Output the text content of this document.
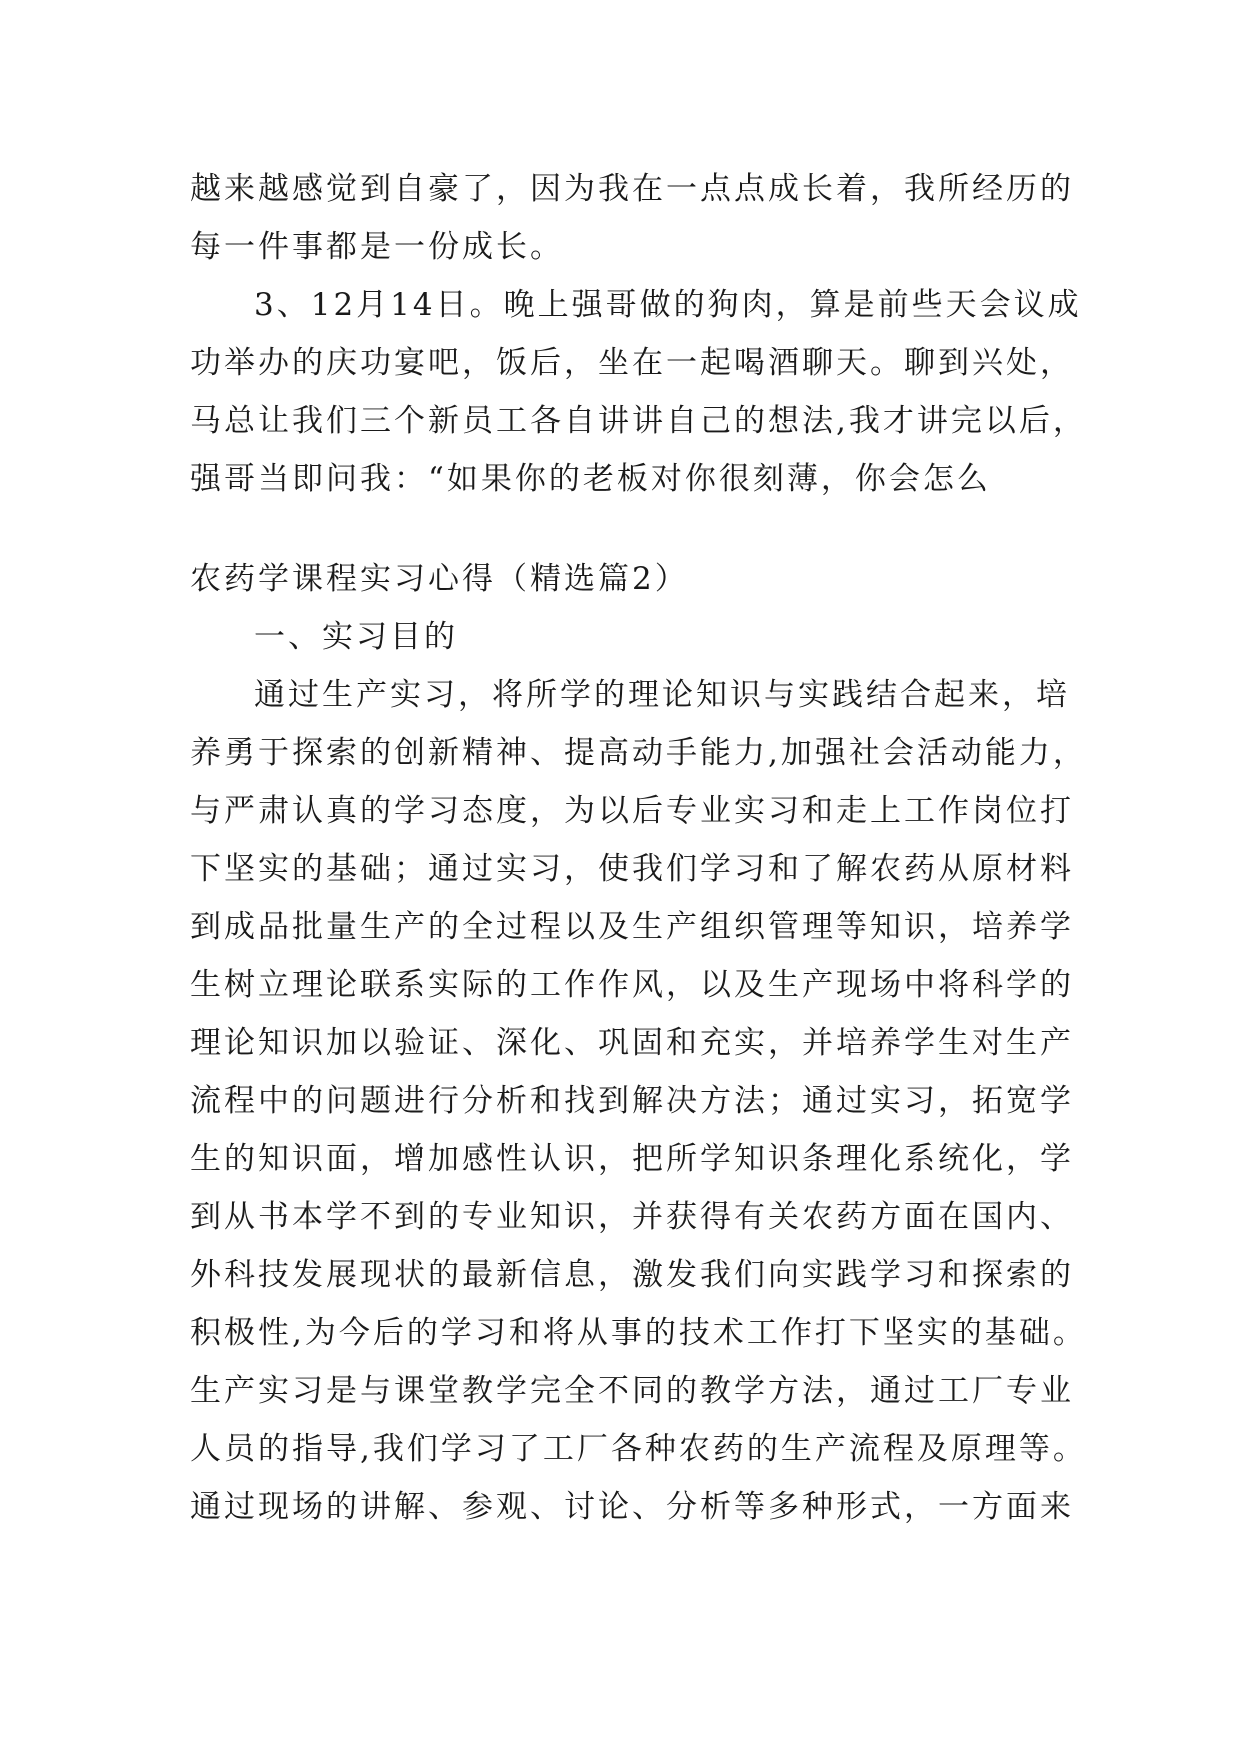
越来越感觉到自豪了，因为我在一点点成长着，我所经历的
每一件事都是一份成长。
3、12月14日。晚上强哥做的狗肉，算是前些天会议成
功举办的庆功宴吧，饭后，坐在一起喝酒聊天。聊到兴处，
马总让我们三个新员工各自讲讲自己的想法,我才讲完以后，
强哥当即问我：“如果你的老板对你很刻薄，你会怎么
农药学课程实习心得（精选篇2）
一、实习目的
通过生产实习，将所学的理论知识与实践结合起来，培
养勇于探索的创新精神、提高动手能力,加强社会活动能力，
与严肃认真的学习态度，为以后专业实习和走上工作岗位打
下坚实的基础；通过实习，使我们学习和了解农药从原材料
到成品批量生产的全过程以及生产组织管理等知识，培养学
生树立理论联系实际的工作作风，以及生产现场中将科学的
理论知识加以验证、深化、巩固和充实，并培养学生对生产
流程中的问题进行分析和找到解决方法；通过实习，拓宽学
生的知识面，增加感性认识，把所学知识条理化系统化，学
到从书本学不到的专业知识，并获得有关农药方面在国内、
外科技发展现状的最新信息，激发我们向实践学习和探索的
积极性,为今后的学习和将从事的技术工作打下坚实的基础。
生产实习是与课堂教学完全不同的教学方法，通过工厂专业
人员的指导,我们学习了工厂各种农药的生产流程及原理等。
通过现场的讲解、参观、讨论、分析等多种形式，一方面来
